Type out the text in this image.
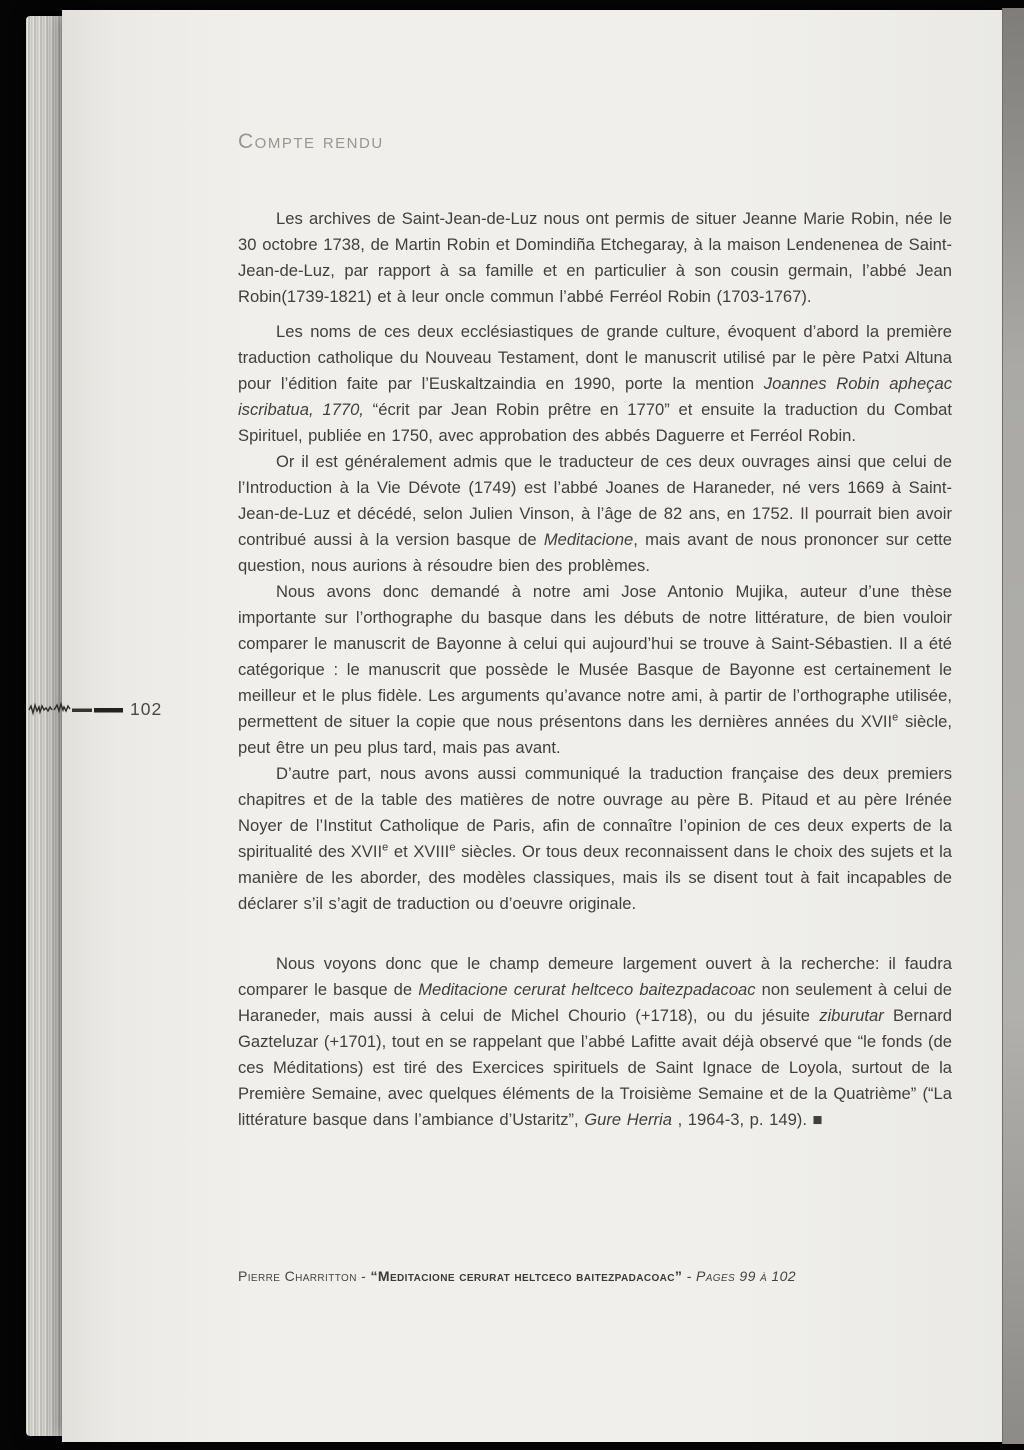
Compte rendu

Les archives de Saint-Jean-de-Luz nous ont permis de situer Jeanne Marie Robin, née le 30 octobre 1738, de Martin Robin et Domindiña Etchegaray, à la maison Lendenenea de Saint-Jean-de-Luz, par rapport à sa famille et en particulier à son cousin germain, l’abbé Jean Robin(1739-1821) et à leur oncle commun l’abbé Ferréol Robin (1703-1767).

Les noms de ces deux ecclésiastiques de grande culture, évoquent d’abord la première traduction catholique du Nouveau Testament, dont le manuscrit utilisé par le père Patxi Altuna pour l’édition faite par l’Euskaltzaindia en 1990, porte la mention Joannes Robin apheçac iscribatua, 1770, “écrit par Jean Robin prêtre en 1770” et ensuite la traduction du Combat Spirituel, publiée en 1750, avec approbation des abbés Daguerre et Ferréol Robin.

Or il est généralement admis que le traducteur de ces deux ouvrages ainsi que celui de l’Introduction à la Vie Dévote (1749) est l’abbé Joanes de Haraneder, né vers 1669 à Saint-Jean-de-Luz et décédé, selon Julien Vinson, à l’âge de 82 ans, en 1752. Il pourrait bien avoir contribué aussi à la version basque de Meditacione, mais avant de nous prononcer sur cette question, nous aurions à résoudre bien des problèmes.

Nous avons donc demandé à notre ami Jose Antonio Mujika, auteur d’une thèse importante sur l’orthographe du basque dans les débuts de notre littérature, de bien vouloir comparer le manuscrit de Bayonne à celui qui aujourd’hui se trouve à Saint-Sébastien. Il a été catégorique : le manuscrit que possède le Musée Basque de Bayonne est certainement le meilleur et le plus fidèle. Les arguments qu’avance notre ami, à partir de l’orthographe utilisée, permettent de situer la copie que nous présentons dans les dernières années du XVIIe siècle, peut être un peu plus tard, mais pas avant.

D’autre part, nous avons aussi communiqué la traduction française des deux premiers chapitres et de la table des matières de notre ouvrage au père B. Pitaud et au père Irénée Noyer de l’Institut Catholique de Paris, afin de connaître l’opinion de ces deux experts de la spiritualité des XVIIe et XVIIIe siècles. Or tous deux reconnaissent dans le choix des sujets et la manière de les aborder, des modèles classiques, mais ils se disent tout à fait incapables de déclarer s’il s’agit de traduction ou d’oeuvre originale.

Nous voyons donc que le champ demeure largement ouvert à la recherche: il faudra comparer le basque de Meditacione cerurat heltceco baitezpadacoac non seulement à celui de Haraneder, mais aussi à celui de Michel Chourio (+1718), ou du jésuite ziburutar Bernard Gazteluzar (+1701), tout en se rappelant que l’abbé Lafitte avait déjà observé que “le fonds (de ces Méditations) est tiré des Exercices spirituels de Saint Ignace de Loyola, surtout de la Première Semaine, avec quelques éléments de la Troisième Semaine et de la Quatrième” (“La littérature basque dans l’ambiance d’Ustaritz”, Gure Herria , 1964-3, p. 149). ■

Pierre Charritton - “Meditacione cerurat heltceco baitezpadacoac” - Pages 99 à 102
102
